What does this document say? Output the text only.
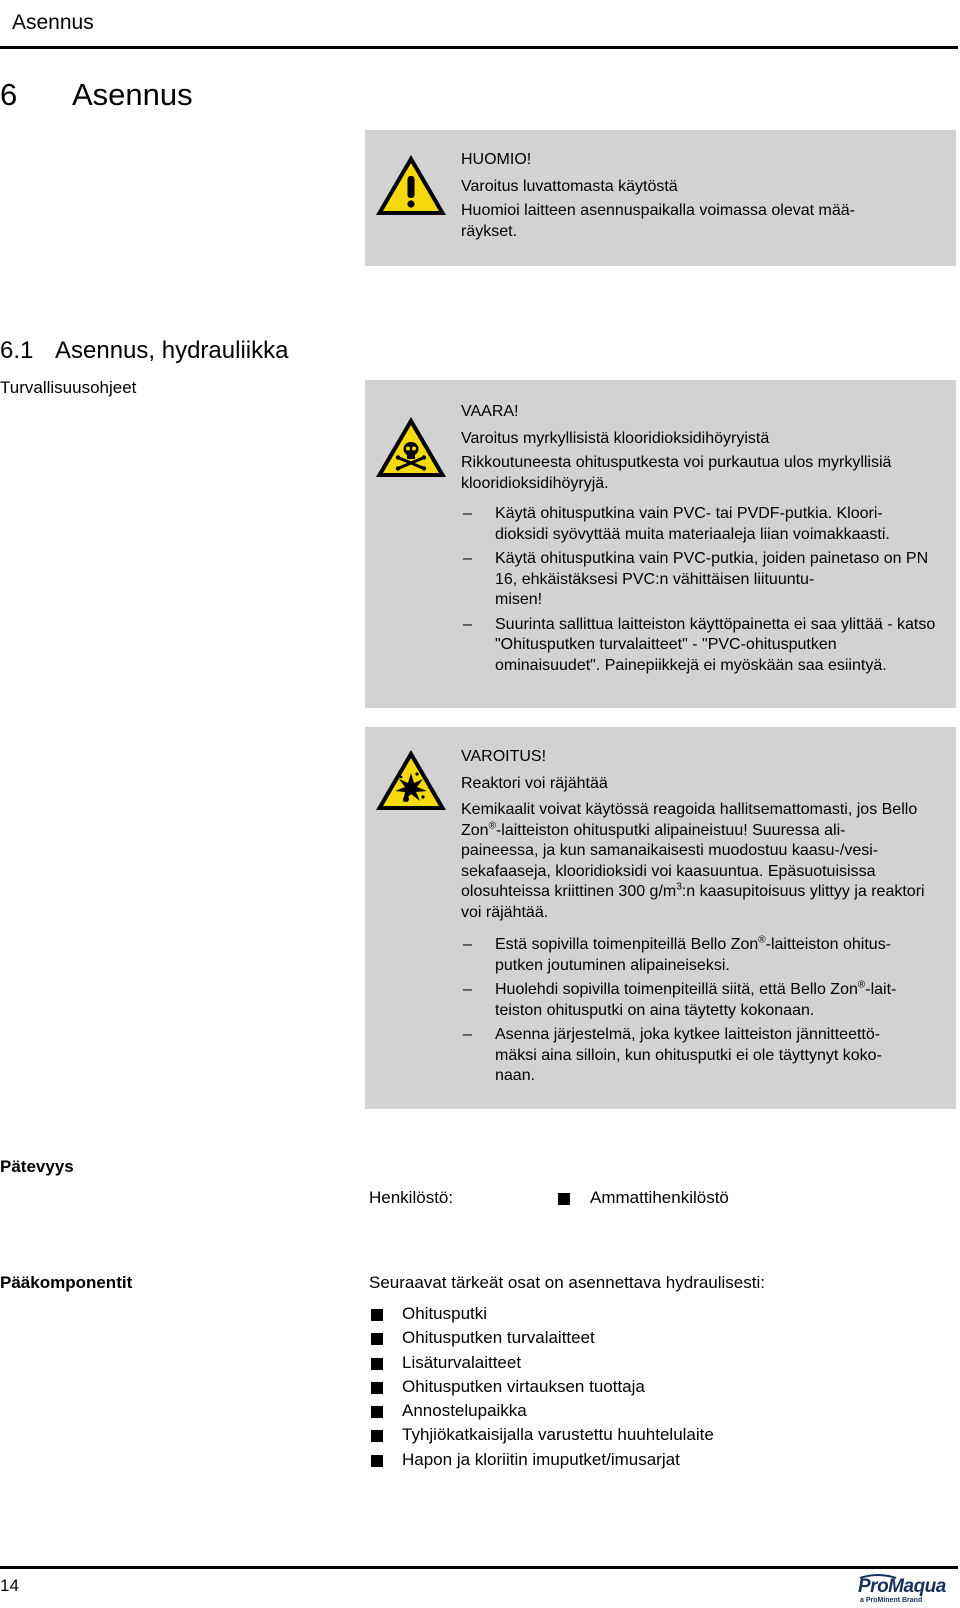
Asennus
6 Asennus

HUOMIO!

Varoitus luvattomasta käytöstä

Huomioi laitteen asennuspaikalla voimassa olevat mää-
räykset.

6.1 Asennus, hydrauliikka
Turvallisuusohjeet

VAARA!

Varoitus myrkyllisistä klooridioksidihöyryistä

Rikkoutuneesta ohitusputkesta voi purkautua ulos myrkyllisiä klooridioksidihöyryjä.

– Käytä ohitusputkina vain PVC- tai PVDF-putkia. Kloori-
dioksidi syövyttää muita materiaaleja liian voimakkaasti.
– Käytä ohitusputkina vain PVC-putkia, joiden painetaso on PN 16, ehkäistäksesi PVC:n vähittäisen liituuntu-
misen!
– Suurinta sallittua laitteiston käyttöpainetta ei saa ylittää - katso "Ohitusputken turvalaitteet" - "PVC-ohitusputken ominaisuudet". Painepiikkejä ei myöskään saa esiintyä.

VAROITUS!

Reaktori voi räjähtää

Kemikaalit voivat käytössä reagoida hallitsemattomasti, jos Bello Zon®-laitteiston ohitusputki alipaineistuu! Suuressa ali-
paineessa, ja kun samanaikaisesti muodostuu kaasu-/vesi-
sekafaaseja, klooridioksidi voi kaasuuntua. Epäsuotuisissa olosuhteissa kriittinen 300 $g/m^3:n$ kaasupitoisuus ylittyy ja reaktori voi räjähtää.

– Estä sopivilla toimenpiteillä Bello Zon®-laitteiston ohitus-
putken joutuminen alipaineiseksi.
– Huolehdi sopivilla toimenpiteillä siitä, että Bello Zon®-lait-
teiston ohitusputki on aina täytetty kokonaan.
– Asenna järjestelmä, joka kytkee laitteiston jännitteettö-
mäksi aina silloin, kun ohitusputki ei ole täyttynyt koko-
naan.
Pätevyys
Henkilöstö:	Ammattihenkilöstö
Pääkomponentit	Seuraavat tärkeät osat on asennettava hydraulisesti:
Ohitusputki
Ohitusputken turvalaitteet
Lisäturvalaitteet
Ohitusputken virtauksen tuottaja
Annostelupaikka
Tyhjiökatkaisijalla varustettu huuhtelulaite
Hapon ja kloriitin imuputket/imusarjat
14	ProMaqua
a ProMinent Brand
